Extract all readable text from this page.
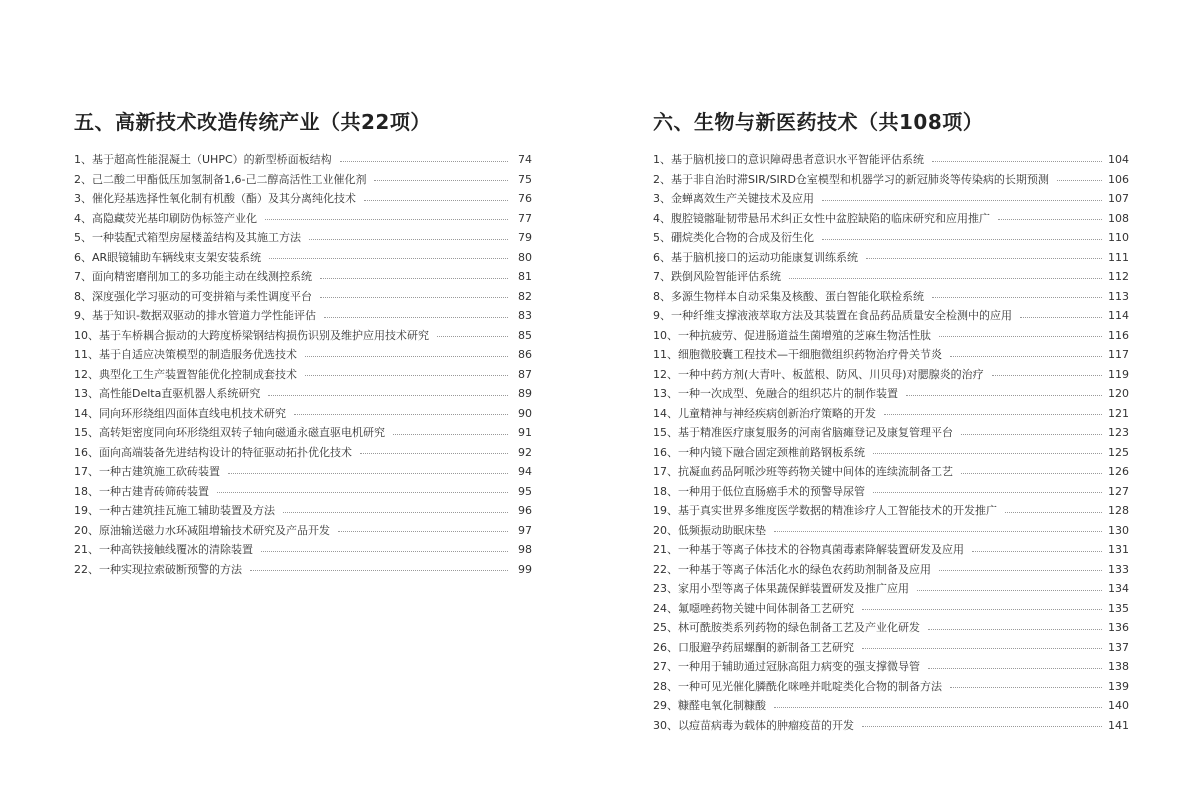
五、高新技术改造传统产业（共22项）
1、基于超高性能混凝土（UHPC）的新型桥面板结构	74
2、己二酸二甲酯低压加氢制备1,6-己二醇高活性工业催化剂	75
3、催化羟基选择性氧化制有机酸（酯）及其分离纯化技术	76
4、高隐藏荧光基印刷防伪标签产业化	77
5、一种装配式箱型房屋楼盖结构及其施工方法	79
6、AR眼镜辅助车辆线束支架安装系统	80
7、面向精密磨削加工的多功能主动在线测控系统	81
8、深度强化学习驱动的可变拼箱与柔性调度平台	82
9、基于知识-数据双驱动的排水管道力学性能评估	83
10、基于车桥耦合振动的大跨度桥梁钢结构损伤识别及维护应用技术研究	85
11、基于自适应决策模型的制造服务优选技术	86
12、典型化工生产装置智能优化控制成套技术	87
13、高性能Delta直驱机器人系统研究	89
14、同向环形绕组四面体直线电机技术研究	90
15、高转矩密度同向环形绕组双转子轴向磁通永磁直驱电机研究	91
16、面向高端装备先进结构设计的特征驱动拓扑优化技术	92
17、一种古建筑施工砍砖装置	94
18、一种古建青砖筛砖装置	95
19、一种古建筑挂瓦施工辅助装置及方法	96
20、原油输送磁力水环减阻增输技术研究及产品开发	97
21、一种高铁接触线覆冰的清除装置	98
22、一种实现拉索破断预警的方法	99
六、生物与新医药技术（共108项）
1、基于脑机接口的意识障碍患者意识水平智能评估系统	104
2、基于非自治时滞SIR/SIRD仓室模型和机器学习的新冠肺炎等传染病的长期预测	106
3、金蝉离效生产关键技术及应用	107
4、腹腔镜髂耻韧带悬吊术纠正女性中盆腔缺陷的临床研究和应用推广	108
5、硼烷类化合物的合成及衍生化	110
6、基于脑机接口的运动功能康复训练系统	111
7、跌倒风险智能评估系统	112
8、多源生物样本自动采集及核酸、蛋白智能化联检系统	113
9、一种纤维支撑液液萃取方法及其装置在食品药品质量安全检测中的应用	114
10、一种抗疲劳、促进肠道益生菌增殖的芝麻生物活性肽	116
11、细胞微胶囊工程技术—干细胞微组织药物治疗骨关节炎	117
12、一种中药方剂(大青叶、板蓝根、防风、川贝母)对腮腺炎的治疗	119
13、一种一次成型、免融合的组织芯片的制作装置	120
14、儿童精神与神经疾病创新治疗策略的开发	121
15、基于精准医疗康复服务的河南省脑瘫登记及康复管理平台	123
16、一种内镜下融合固定颈椎前路钢板系统	125
17、抗凝血药品阿哌沙班等药物关键中间体的连续流制备工艺	126
18、一种用于低位直肠癌手术的预警导尿管	127
19、基于真实世界多维度医学数据的精准诊疗人工智能技术的开发推广	128
20、低频振动助眠床垫	130
21、一种基于等离子体技术的谷物真菌毒素降解装置研发及应用	131
22、一种基于等离子体活化水的绿色农药助剂制备及应用	133
23、家用小型等离子体果蔬保鲜装置研发及推广应用	134
24、氟噁唑药物关键中间体制备工艺研究	135
25、林可酰胺类系列药物的绿色制备工艺及产业化研发	136
26、口服避孕药屈螺酮的新制备工艺研究	137
27、一种用于辅助通过冠脉高阻力病变的强支撑微导管	138
28、一种可见光催化膦酰化咪唑并吡啶类化合物的制备方法	139
29、糠醛电氧化制糠酸	140
30、以痘苗病毒为载体的肿瘤疫苗的开发	141
